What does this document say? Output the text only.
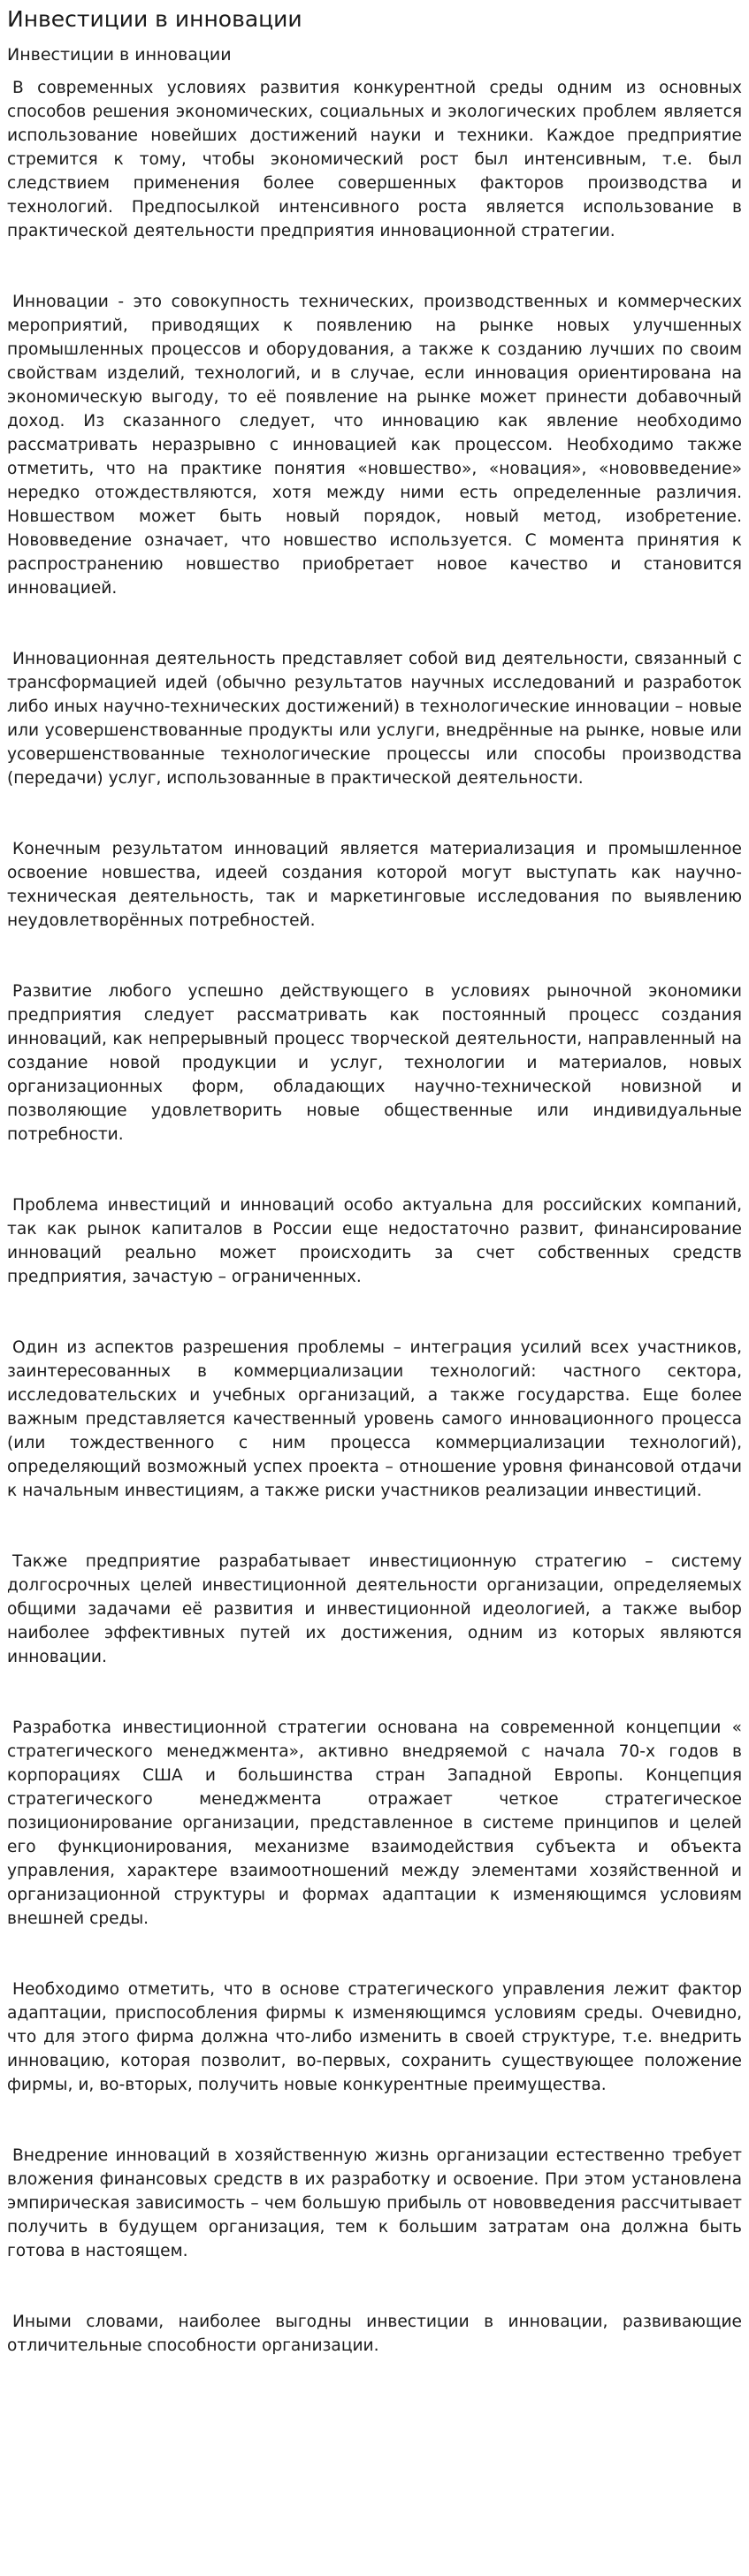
Инвестиции в инновации
Инвестиции в инновации

В современных условиях развития конкурентной среды одним из основных способов решения экономических, социальных и экологических проблем является использование новейших достижений науки и техники. Каждое предприятие стремится к тому, чтобы экономический рост был интенсивным, т.е. был следствием применения более совершенных факторов производства и технологий. Предпосылкой интенсивного роста является использование в практической деятельности предприятия инновационной стратегии.

Инновации - это совокупность технических, производственных и коммерческих мероприятий, приводящих к появлению на рынке новых улучшенных промышленных процессов и оборудования, а также к созданию лучших по своим свойствам изделий, технологий, и в случае, если инновация ориентирована на экономическую выгоду, то её появление на рынке может принести добавочный доход. Из сказанного следует, что инновацию как явление необходимо рассматривать неразрывно с инновацией как процессом. Необходимо также отметить, что на практике понятия «новшество», «новация», «нововведение» нередко отождествляются, хотя между ними есть определенные различия. Новшеством может быть новый порядок, новый метод, изобретение. Нововведение означает, что новшество используется. С момента принятия к распространению новшество приобретает новое качество и становится инновацией.

Инновационная деятельность представляет собой вид деятельности, связанный с трансформацией идей (обычно результатов научных исследований и разработок либо иных научно-технических достижений) в технологические инновации – новые или усовершенствованные продукты или услуги, внедрённые на рынке, новые или усовершенствованные технологические процессы или способы производства (передачи) услуг, использованные в практической деятельности.

Конечным результатом инноваций является материализация и промышленное освоение новшества, идеей создания которой могут выступать как научно-техническая деятельность, так и маркетинговые исследования по выявлению неудовлетворённых потребностей.

Развитие любого успешно действующего в условиях рыночной экономики предприятия следует рассматривать как постоянный процесс создания инноваций, как непрерывный процесс творческой деятельности, направленный на создание новой продукции и услуг, технологии и материалов, новых организационных форм, обладающих научно-технической новизной и позволяющие удовлетворить новые общественные или индивидуальные потребности.

Проблема инвестиций и инноваций особо актуальна для российских компаний, так как рынок капиталов в России еще недостаточно развит, финансирование инноваций реально может происходить за счет собственных средств предприятия, зачастую – ограниченных.

Один из аспектов разрешения проблемы – интеграция усилий всех участников, заинтересованных в коммерциализации технологий: частного сектора, исследовательских и учебных организаций, а также государства. Еще более важным представляется качественный уровень самого инновационного процесса (или тождественного с ним процесса коммерциализации технологий), определяющий возможный успех проекта – отношение уровня финансовой отдачи к начальным инвестициям, а также риски участников реализации инвестиций.

Также предприятие разрабатывает инвестиционную стратегию – систему долгосрочных целей инвестиционной деятельности организации, определяемых общими задачами её развития и инвестиционной идеологией, а также выбор наиболее эффективных путей их достижения, одним из которых являются инновации.

Разработка инвестиционной стратегии основана на современной концепции « стратегического менеджмента», активно внедряемой с начала 70-х годов в корпорациях США и большинства стран Западной Европы. Концепция стратегического менеджмента отражает четкое стратегическое позиционирование организации, представленное в системе принципов и целей его функционирования, механизме взаимодействия субъекта и объекта управления, характере взаимоотношений между элементами хозяйственной и организационной структуры и формах адаптации к изменяющимся условиям внешней среды.

Необходимо отметить, что в основе стратегического управления лежит фактор адаптации, приспособления фирмы к изменяющимся условиям среды. Очевидно, что для этого фирма должна что-либо изменить в своей структуре, т.е. внедрить инновацию, которая позволит, во-первых, сохранить существующее положение фирмы, и, во-вторых, получить новые конкурентные преимущества.

Внедрение инноваций в хозяйственную жизнь организации естественно требует вложения финансовых средств в их разработку и освоение. При этом установлена эмпирическая зависимость – чем большую прибыль от нововведения рассчитывает получить в будущем организация, тем к большим затратам она должна быть готова в настоящем.

Иными словами, наиболее выгодны инвестиции в инновации, развивающие отличительные способности организации.
